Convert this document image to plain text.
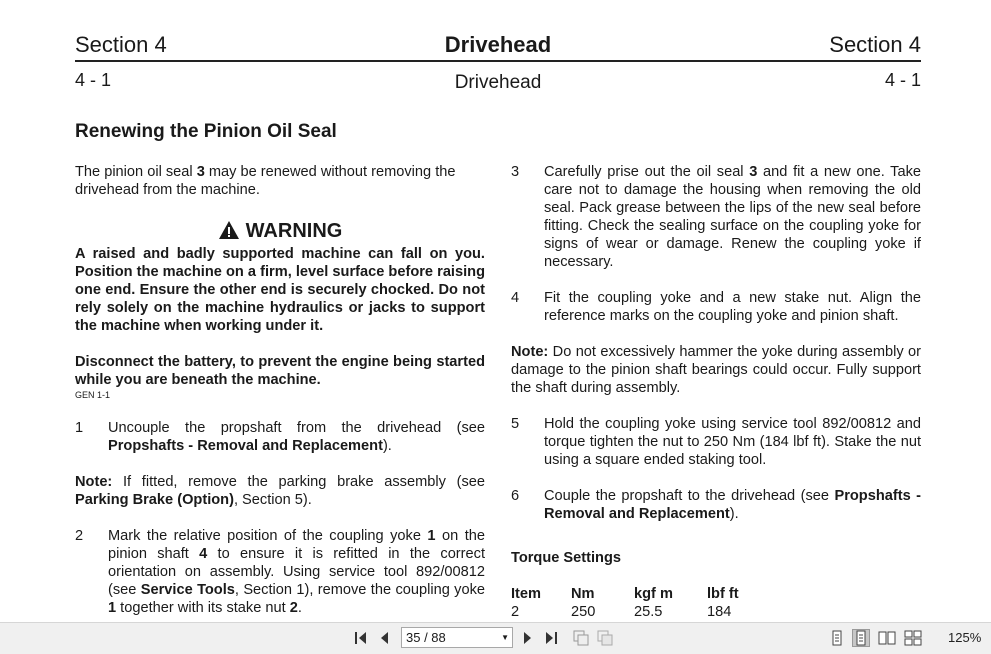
Section 4	Drivehead	Section 4
4 - 1	Drivehead	4 - 1
Renewing the Pinion Oil Seal

The pinion oil seal 3 may be renewed without removing the drivehead from the machine.

WARNING

A raised and badly supported machine can fall on you. Position the machine on a firm, level surface before raising one end. Ensure the other end is securely chocked. Do not rely solely on the machine hydraulics or jacks to support the machine when working under it.

Disconnect the battery, to prevent the engine being started while you are beneath the machine.

GEN 1-1

1	Uncouple the propshaft from the drivehead (see Propshafts - Removal and Replacement).

Note: If fitted, remove the parking brake assembly (see Parking Brake (Option), Section 5).

2	Mark the relative position of the coupling yoke 1 on the pinion shaft 4 to ensure it is refitted in the correct orientation on assembly. Using service tool 892/00812 (see Service Tools, Section 1), remove the coupling yoke 1 together with its stake nut 2.
3	Carefully prise out the oil seal 3 and fit a new one. Take care not to damage the housing when removing the old seal. Pack grease between the lips of the new seal before fitting. Check the sealing surface on the coupling yoke for signs of wear or damage. Renew the coupling yoke if necessary.
4	Fit the coupling yoke and a new stake nut. Align the reference marks on the coupling yoke and pinion shaft.

Note: Do not excessively hammer the yoke during assembly or damage to the pinion shaft bearings could occur. Fully support the shaft during assembly.

5	Hold the coupling yoke using service tool 892/00812 and torque tighten the nut to 250 Nm (184 lbf ft). Stake the nut using a square ended staking tool.
6	Couple the propshaft to the drivehead (see Propshafts - Removal and Replacement).
Torque Settings
Item	Nm	kgf m	lbf ft
2	250	25.5	184
35 / 88	▼	125%
